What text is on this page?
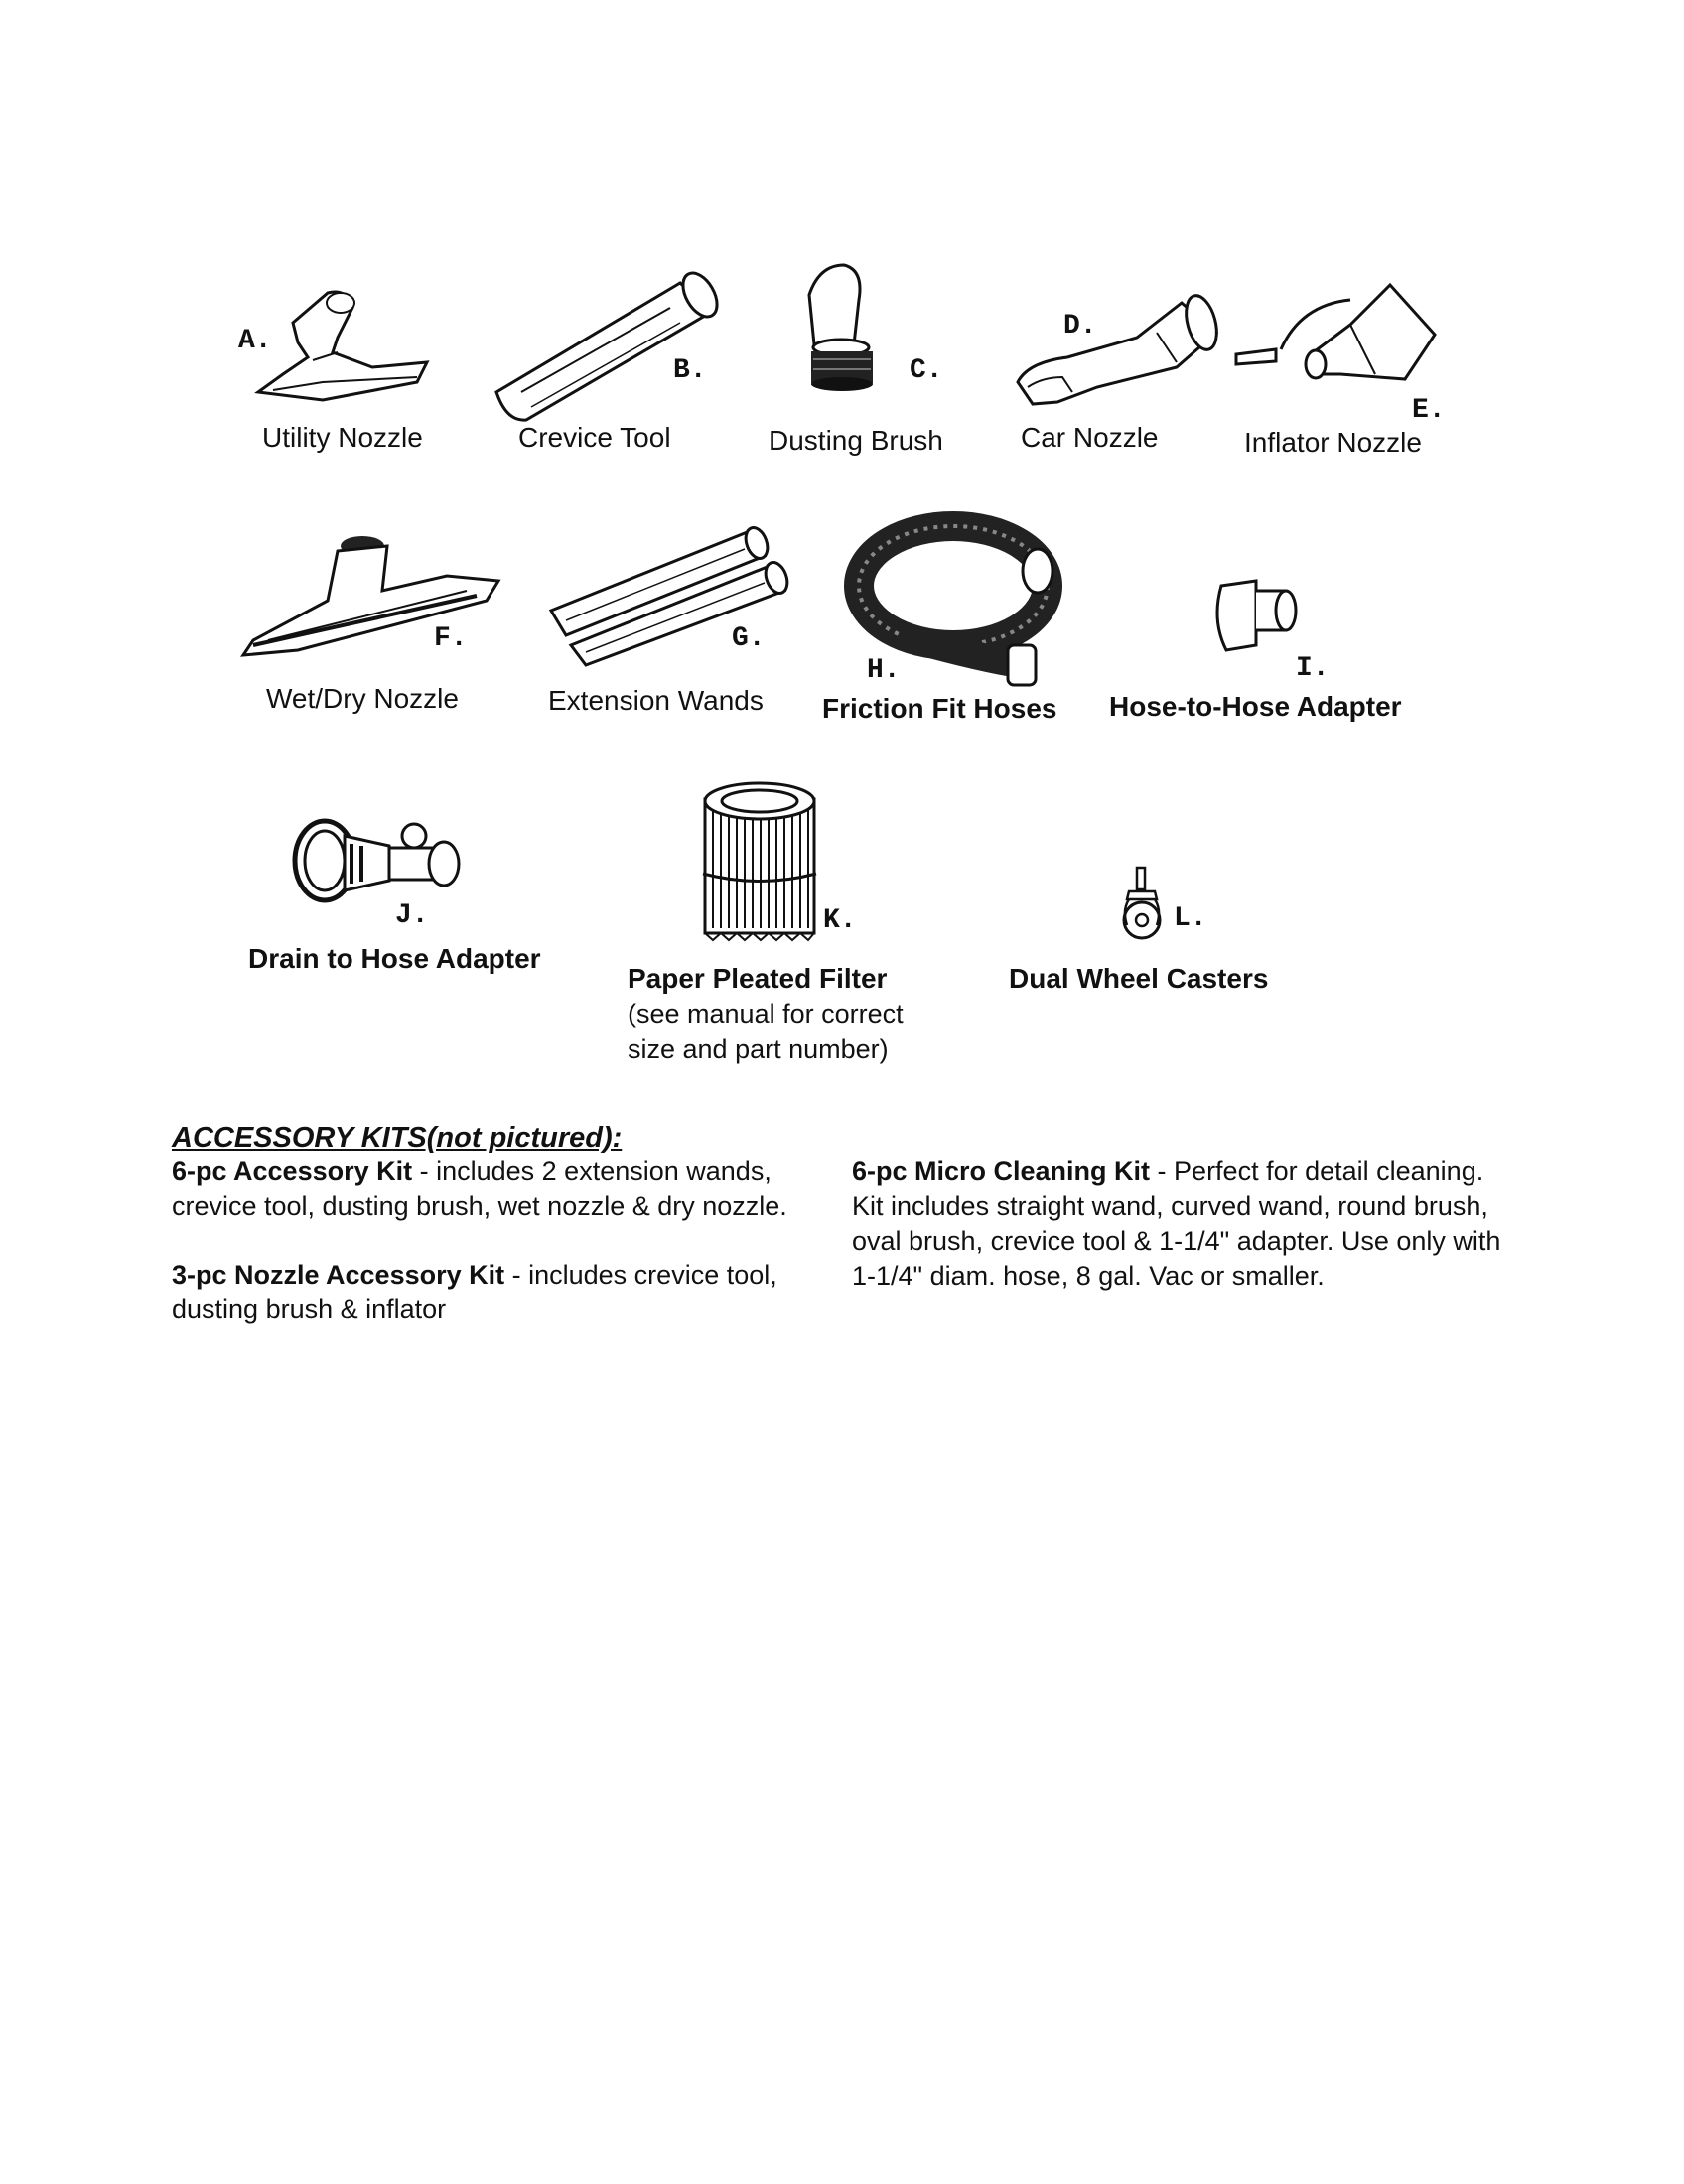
A.
Utility Nozzle
B.
Crevice Tool
C.
Dusting Brush
D.
Car Nozzle
E.
Inflator Nozzle
F.
Wet/Dry Nozzle
G.
Extension Wands
H.
Friction Fit Hoses
I.
Hose-to-Hose Adapter
J.
Drain to Hose Adapter
K.
Paper Pleated Filter
(see manual for correct
size and part number)
L.
Dual Wheel Casters
ACCESSORY KITS(not pictured):
6-pc Accessory Kit - includes 2 extension wands,
crevice tool, dusting brush, wet nozzle & dry nozzle.
3-pc Nozzle Accessory Kit - includes crevice tool,
dusting brush & inflator
6-pc Micro Cleaning Kit - Perfect for detail cleaning.
Kit includes straight wand, curved wand, round brush,
oval brush, crevice tool & 1-1/4" adapter. Use only with
1-1/4" diam. hose, 8 gal. Vac or smaller.
